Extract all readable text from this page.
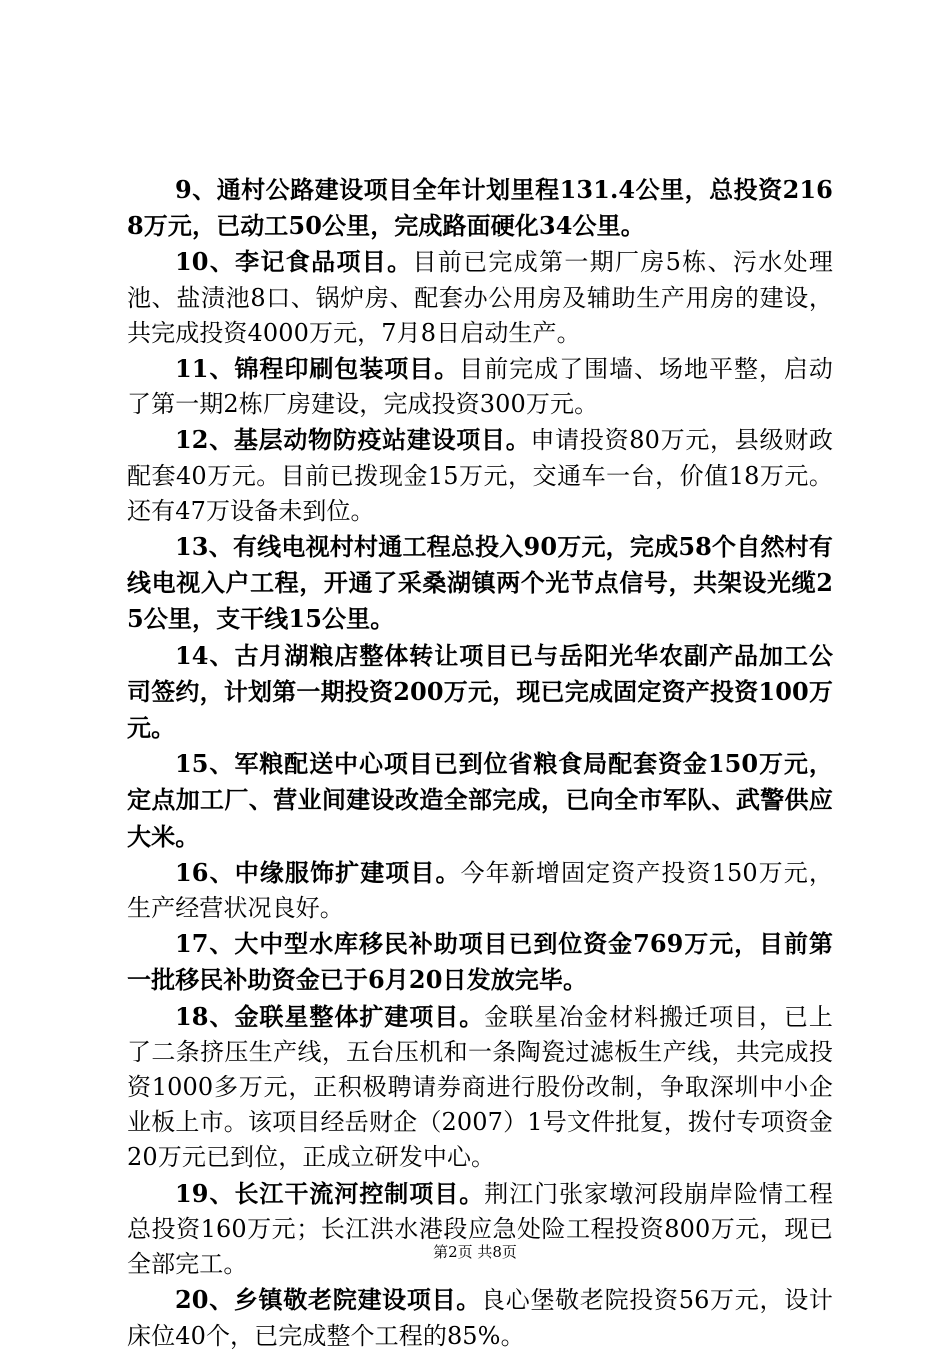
9、通村公路建设项目全年计划里程131.4公里，总投资2168万元，已动工50公里，完成路面硬化34公里。

10、李记食品项目。目前已完成第一期厂房5栋、污水处理池、盐渍池8口、锅炉房、配套办公用房及辅助生产用房的建设，共完成投资4000万元，7月8日启动生产。

11、锦程印刷包装项目。目前完成了围墙、场地平整，启动了第一期2栋厂房建设，完成投资300万元。

12、基层动物防疫站建设项目。申请投资80万元，县级财政配套40万元。目前已拨现金15万元，交通车一台，价值18万元。还有47万设备未到位。

13、有线电视村村通工程总投入90万元，完成58个自然村有线电视入户工程，开通了采桑湖镇两个光节点信号，共架设光缆25公里，支干线15公里。

14、古月湖粮店整体转让项目已与岳阳光华农副产品加工公司签约，计划第一期投资200万元，现已完成固定资产投资100万元。

15、军粮配送中心项目已到位省粮食局配套资金150万元，定点加工厂、营业间建设改造全部完成，已向全市军队、武警供应大米。

16、中缘服饰扩建项目。今年新增固定资产投资150万元，生产经营状况良好。

17、大中型水库移民补助项目已到位资金769万元，目前第一批移民补助资金已于6月20日发放完毕。

18、金联星整体扩建项目。金联星冶金材料搬迁项目，已上了二条挤压生产线，五台压机和一条陶瓷过滤板生产线，共完成投资1000多万元，正积极聘请券商进行股份改制，争取深圳中小企业板上市。该项目经岳财企（2007）1号文件批复，拨付专项资金20万元已到位，正成立研发中心。

19、长江干流河控制项目。荆江门张家墩河段崩岸险情工程总投资160万元；长江洪水港段应急处险工程投资800万元，现已全部完工。

20、乡镇敬老院建设项目。良心堡敬老院投资56万元，设计床位40个，已完成整个工程的85%。

第2页 共8页
